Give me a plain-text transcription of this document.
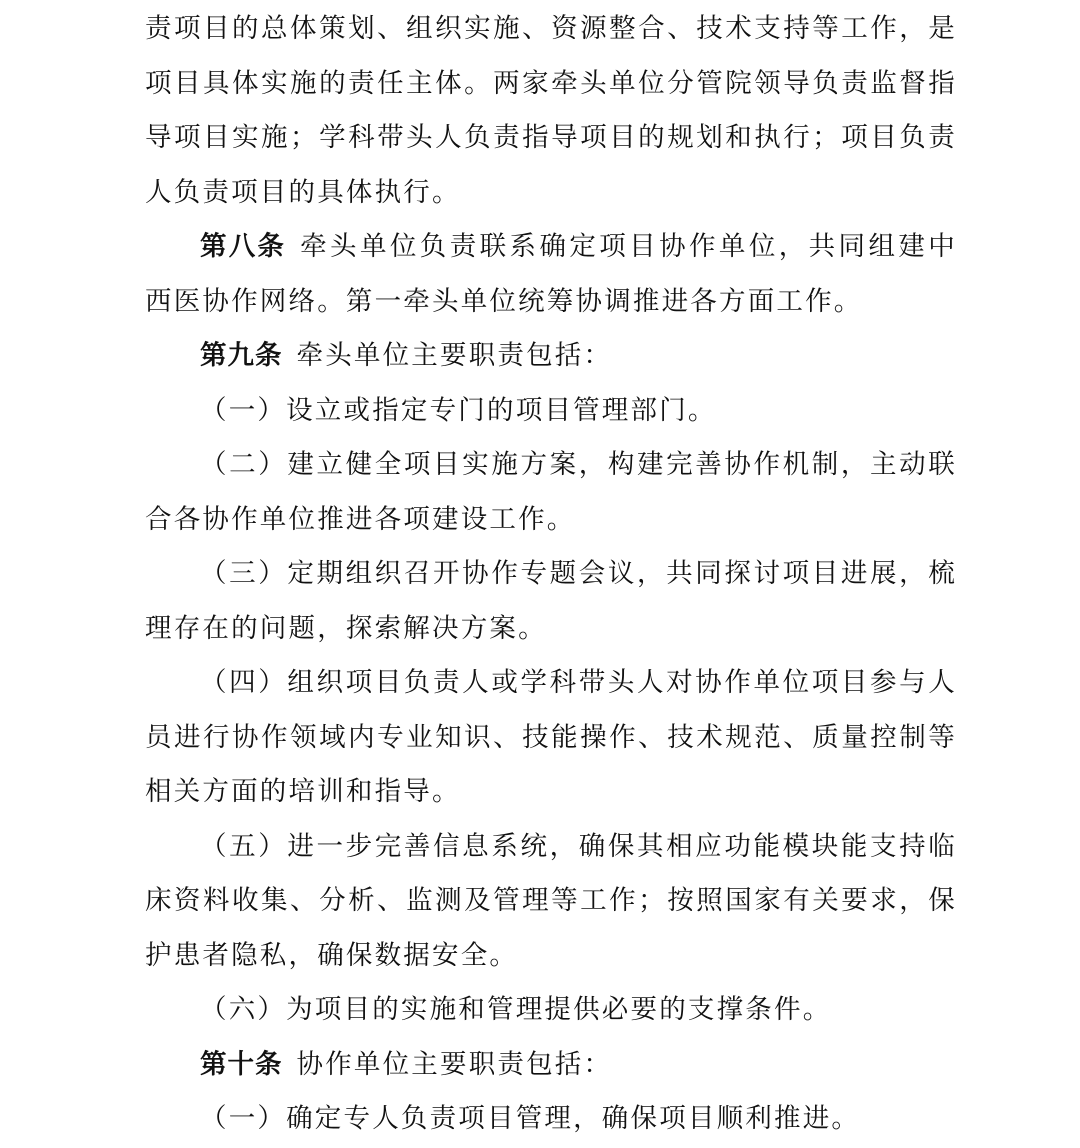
责项目的总体策划、组织实施、资源整合、技术支持等工作，是
项目具体实施的责任主体。两家牵头单位分管院领导负责监督指
导项目实施；学科带头人负责指导项目的规划和执行；项目负责
人负责项目的具体执行。
第八条 牵头单位负责联系确定项目协作单位，共同组建中
西医协作网络。第一牵头单位统筹协调推进各方面工作。
第九条 牵头单位主要职责包括：
（一）设立或指定专门的项目管理部门。
（二）建立健全项目实施方案，构建完善协作机制，主动联
合各协作单位推进各项建设工作。
（三）定期组织召开协作专题会议，共同探讨项目进展，梳
理存在的问题，探索解决方案。
（四）组织项目负责人或学科带头人对协作单位项目参与人
员进行协作领域内专业知识、技能操作、技术规范、质量控制等
相关方面的培训和指导。
（五）进一步完善信息系统，确保其相应功能模块能支持临
床资料收集、分析、监测及管理等工作；按照国家有关要求，保
护患者隐私，确保数据安全。
（六）为项目的实施和管理提供必要的支撑条件。
第十条 协作单位主要职责包括：
（一）确定专人负责项目管理，确保项目顺利推进。
